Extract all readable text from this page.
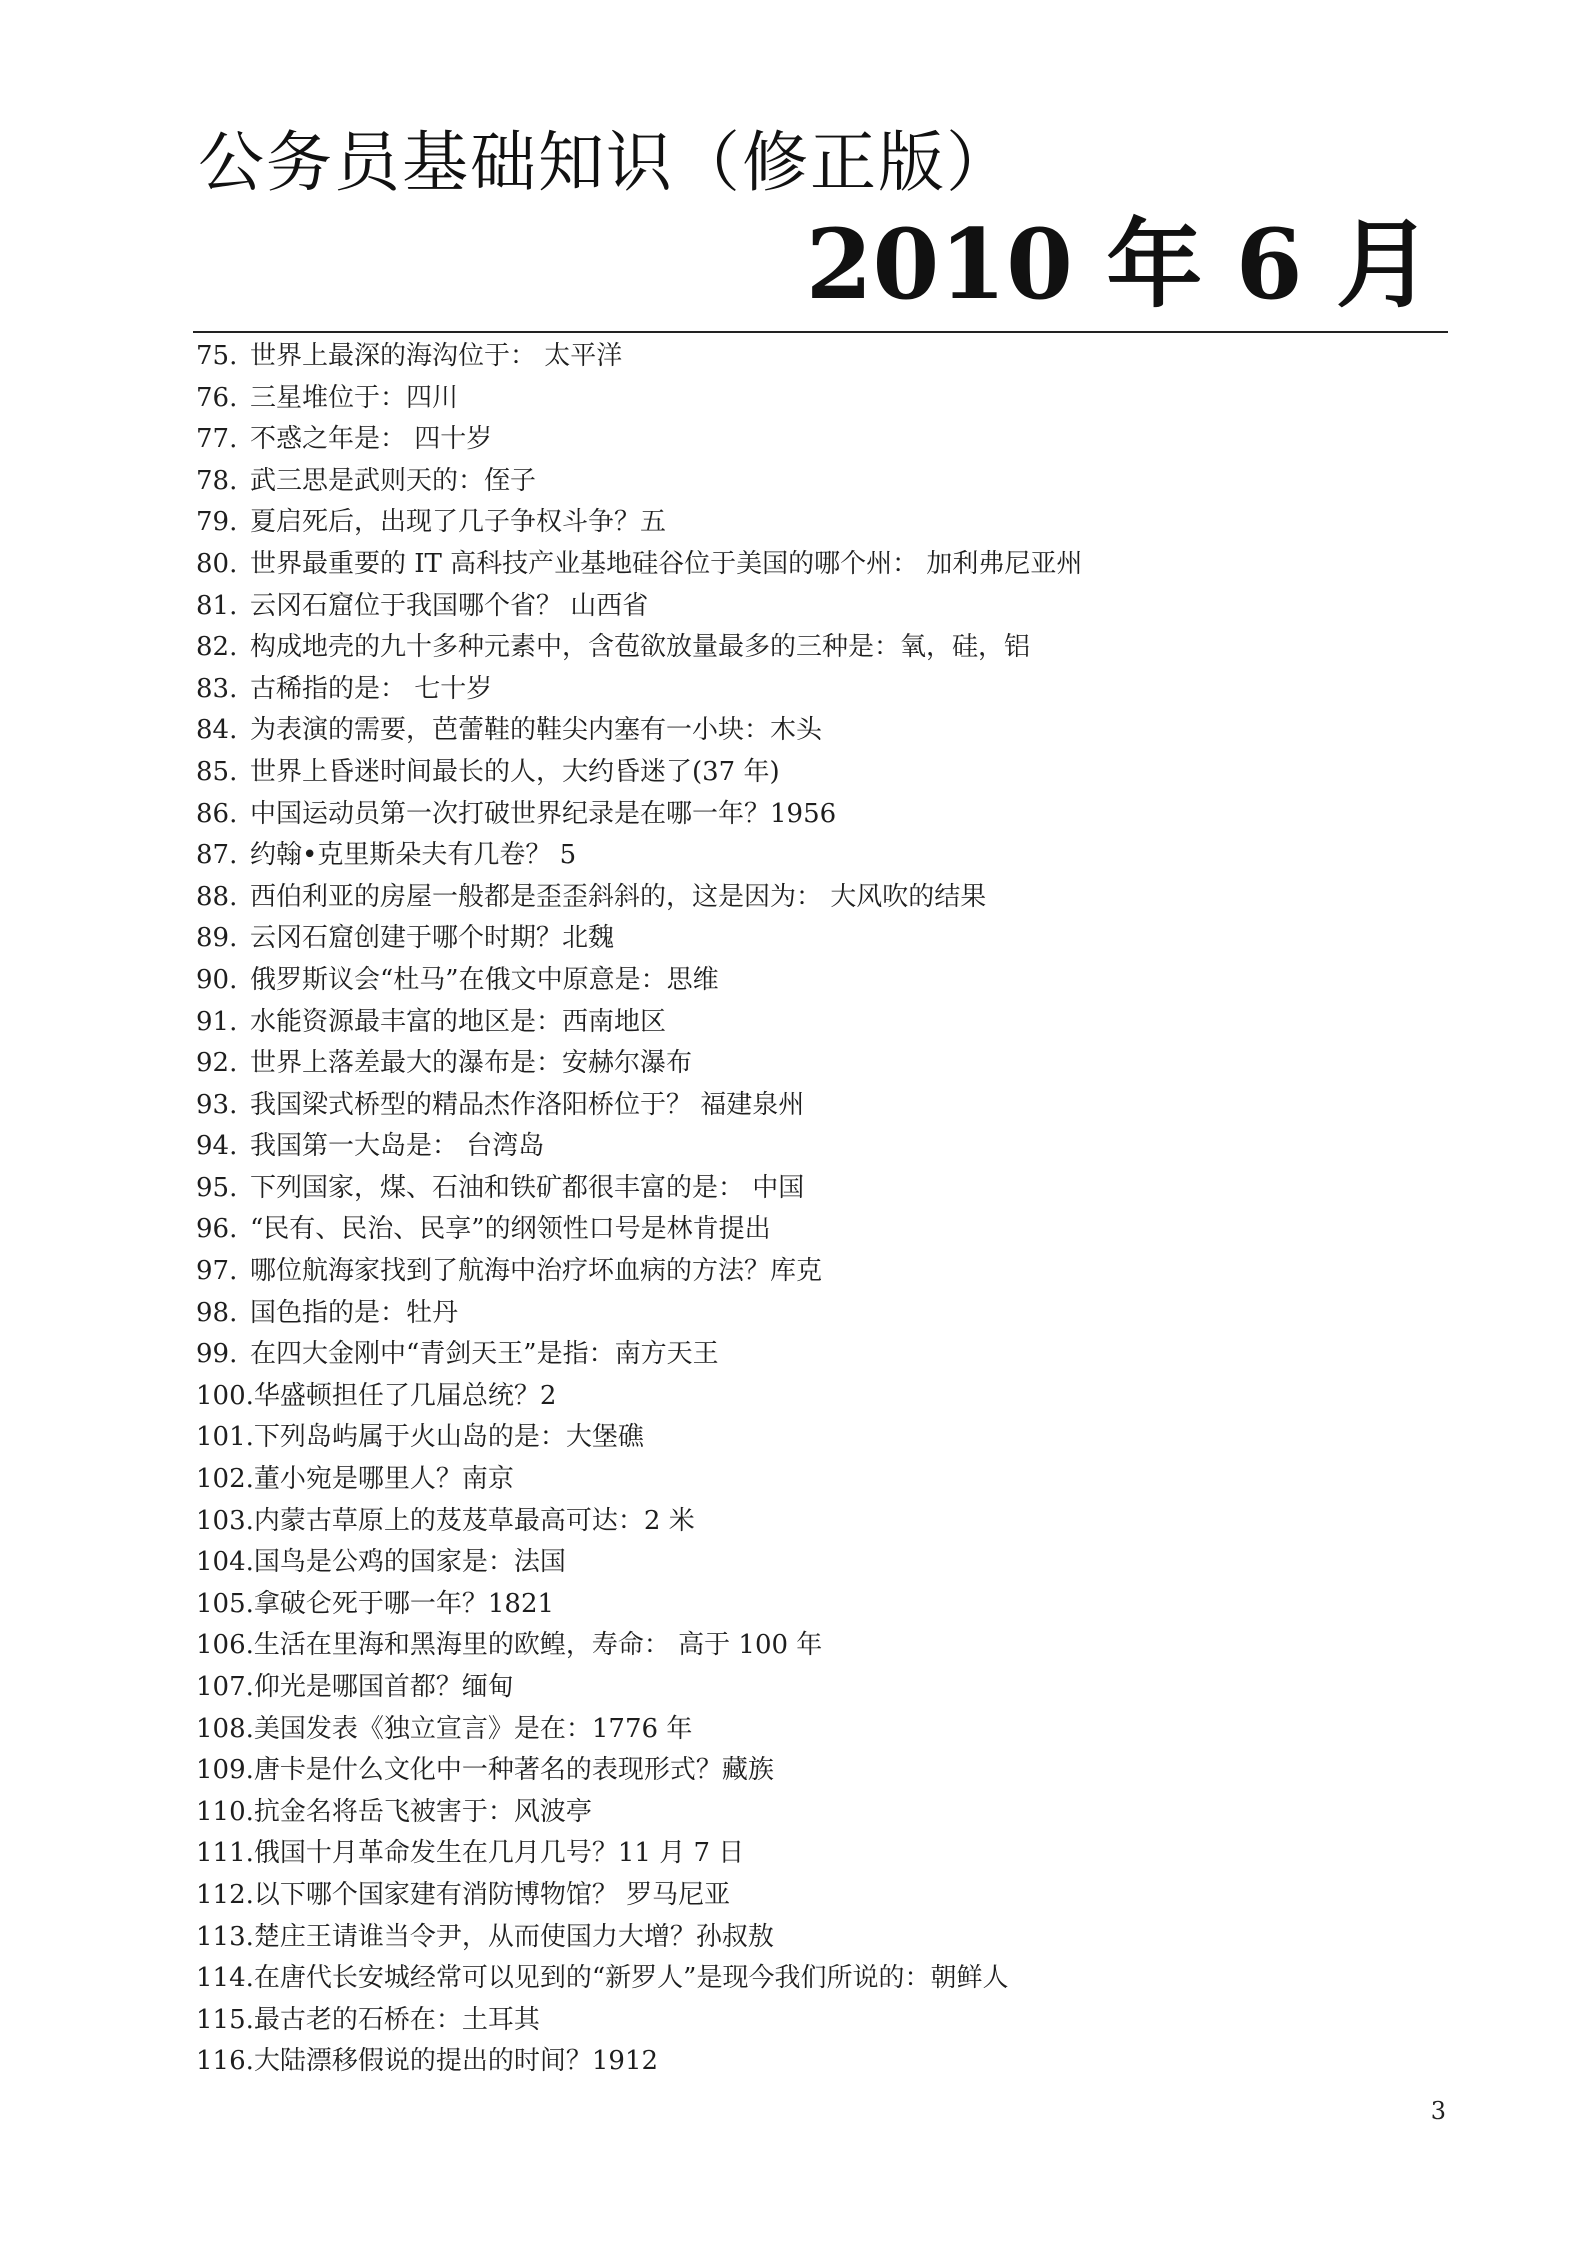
公务员基础知识（修正版）
2010 年 6 月
75. 世界上最深的海沟位于： 太平洋
76. 三星堆位于：四川
77. 不惑之年是： 四十岁
78. 武三思是武则天的：侄子
79. 夏启死后，出现了几子争权斗争？五
80. 世界最重要的 IT 高科技产业基地硅谷位于美国的哪个州： 加利弗尼亚州
81. 云冈石窟位于我国哪个省？ 山西省
82. 构成地壳的九十多种元素中，含苞欲放量最多的三种是：氧，硅，铝
83. 古稀指的是： 七十岁
84. 为表演的需要，芭蕾鞋的鞋尖内塞有一小块：木头
85. 世界上昏迷时间最长的人，大约昏迷了(37 年)
86. 中国运动员第一次打破世界纪录是在哪一年？1956
87. 约翰•克里斯朵夫有几卷？ 5
88. 西伯利亚的房屋一般都是歪歪斜斜的，这是因为： 大风吹的结果
89. 云冈石窟创建于哪个时期？北魏
90. 俄罗斯议会“杜马”在俄文中原意是：思维
91. 水能资源最丰富的地区是：西南地区
92. 世界上落差最大的瀑布是：安赫尔瀑布
93. 我国梁式桥型的精品杰作洛阳桥位于？ 福建泉州
94. 我国第一大岛是： 台湾岛
95. 下列国家，煤、石油和铁矿都很丰富的是： 中国
96. “民有、民治、民享”的纲领性口号是林肯提出
97. 哪位航海家找到了航海中治疗坏血病的方法？库克
98. 国色指的是：牡丹
99. 在四大金刚中“青剑天王”是指：南方天王
100.华盛顿担任了几届总统？2
101.下列岛屿属于火山岛的是：大堡礁
102.董小宛是哪里人？南京
103.内蒙古草原上的芨芨草最高可达：2 米
104.国鸟是公鸡的国家是：法国
105.拿破仑死于哪一年？1821
106.生活在里海和黑海里的欧鳇，寿命： 高于 100 年
107.仰光是哪国首都？缅甸
108.美国发表《独立宣言》是在：1776 年
109.唐卡是什么文化中一种著名的表现形式？藏族
110.抗金名将岳飞被害于：风波亭
111.俄国十月革命发生在几月几号？11 月 7 日
112.以下哪个国家建有消防博物馆？ 罗马尼亚
113.楚庄王请谁当令尹，从而使国力大增？孙叔敖
114.在唐代长安城经常可以见到的“新罗人”是现今我们所说的：朝鲜人
115.最古老的石桥在：土耳其
116.大陆漂移假说的提出的时间？1912
3
